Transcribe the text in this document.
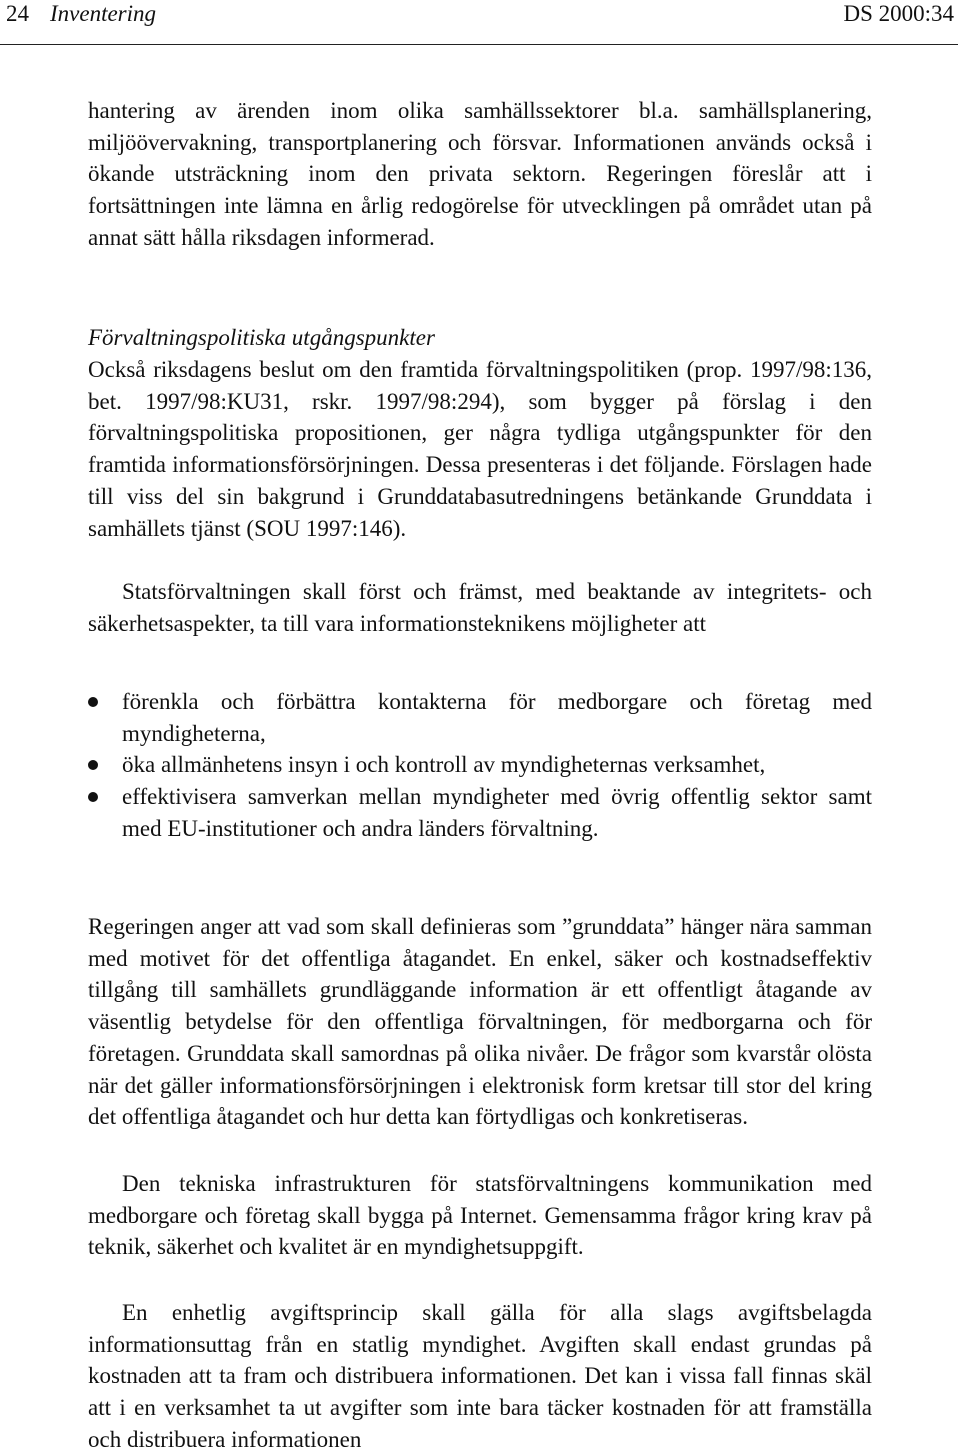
24 Inventering	DS 2000:34
hantering av ärenden inom olika samhällssektorer bl.a. samhällsplanering, miljöövervakning, transportplanering och försvar. Informationen används också i ökande utsträckning inom den privata sektorn. Regeringen föreslår att i fortsättningen inte lämna en årlig redogörelse för utvecklingen på området utan på annat sätt hålla riksdagen informerad.
Förvaltningspolitiska utgångspunkter
Också riksdagens beslut om den framtida förvaltningspolitiken (prop. 1997/98:136, bet. 1997/98:KU31, rskr. 1997/98:294), som bygger på förslag i den förvaltningspolitiska propositionen, ger några tydliga utgångspunkter för den framtida informationsförsörjningen. Dessa presenteras i det följande. Förslagen hade till viss del sin bakgrund i Grunddatabasutredningens betänkande Grunddata i samhällets tjänst (SOU 1997:146).
Statsförvaltningen skall först och främst, med beaktande av integritets- och säkerhetsaspekter, ta till vara informationsteknikens möjligheter att
förenkla och förbättra kontakterna för medborgare och företag med myndigheterna,
öka allmänhetens insyn i och kontroll av myndigheternas verksamhet,
effektivisera samverkan mellan myndigheter med övrig offentlig sektor samt med EU-institutioner och andra länders förvaltning.
Regeringen anger att vad som skall definieras som ”grunddata” hänger nära samman med motivet för det offentliga åtagandet. En enkel, säker och kostnadseffektiv tillgång till samhällets grundläggande information är ett offentligt åtagande av väsentlig betydelse för den offentliga förvaltningen, för medborgarna och för företagen. Grunddata skall samordnas på olika nivåer. De frågor som kvarstår olösta när det gäller informationsförsörjningen i elektronisk form kretsar till stor del kring det offentliga åtagandet och hur detta kan förtydligas och konkretiseras.
Den tekniska infrastrukturen för statsförvaltningens kommunikation med medborgare och företag skall bygga på Internet. Gemensamma frågor kring krav på teknik, säkerhet och kvalitet är en myndighetsuppgift.
En enhetlig avgiftsprincip skall gälla för alla slags avgiftsbelagda informationsuttag från en statlig myndighet. Avgiften skall endast grundas på kostnaden att ta fram och distribuera informationen. Det kan i vissa fall finnas skäl att i en verksamhet ta ut avgifter som inte bara täcker kostnaden för att framställa och distribuera informationen
